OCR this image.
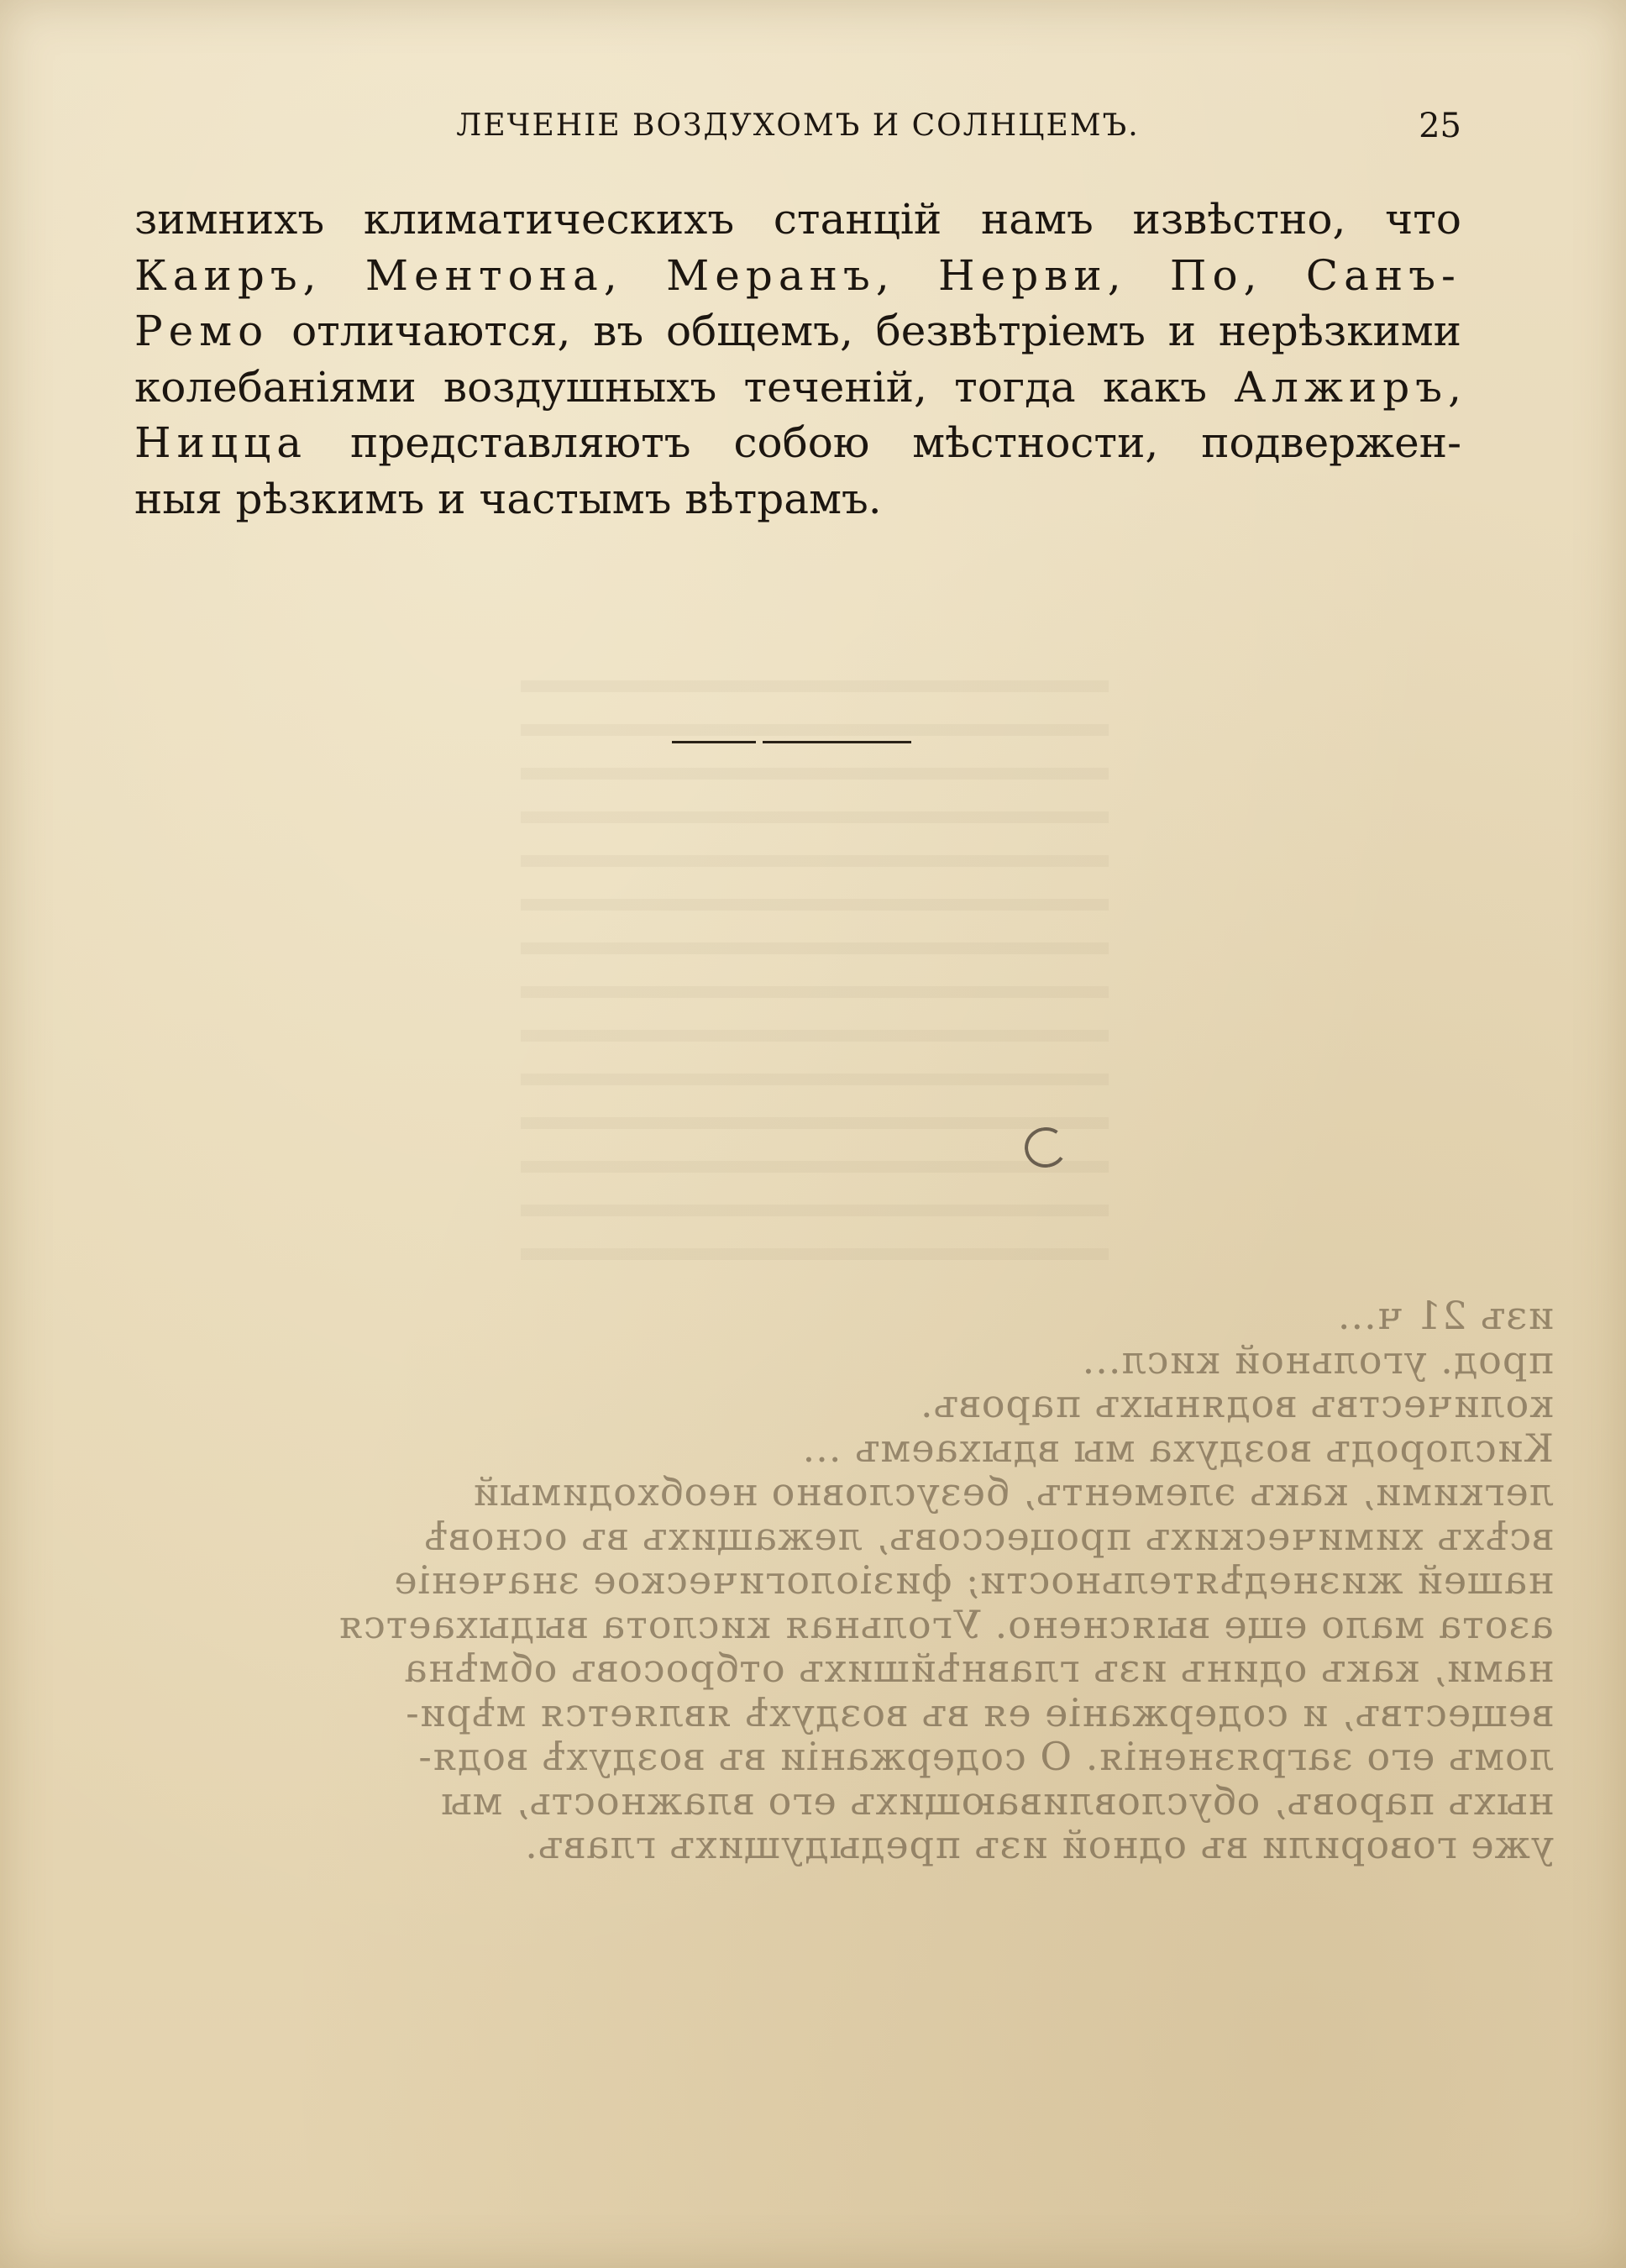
ЛЕЧЕНІЕ ВОЗДУХОМЪ И СОЛНЦЕМЪ.	25
зимнихъ климатическихъ станцій намъ извѣстно, что
Каиръ, Ментона, Меранъ, Нерви, По, Санъ-
Ремо отличаются, въ общемъ, безвѣтріемъ и нерѣзкими
колебаніями воздушныхъ теченій, тогда какъ Алжиръ,
Ницца представляютъ собою мѣстности, подвержен-
ныя рѣзкимъ и частымъ вѣтрамъ.
изъ 21 ч...
прод. угольной кисл...
количествъ водяныхъ паровъ.
Кислородъ воздуха мы вдыхаемъ ...
легкими, какъ элементъ, безусловно необходимый
всѣхъ химическихъ процессовъ, лежащихъ въ основѣ
нашей жизнедѣятельности; физіологическое значеніе
азота мало еще выяснено. Угольная кислота выдыхается
нами, какъ одинъ изъ главнѣйшихъ отбросовъ обмѣна
веществъ, и содержаніе ея въ воздухѣ является мѣри-
ломъ его загрязненія. О содержаніи въ воздухѣ водя-
ныхъ паровъ, обусловливающихъ его влажность, мы
уже говорили въ одной изъ предыдущихъ главъ.
